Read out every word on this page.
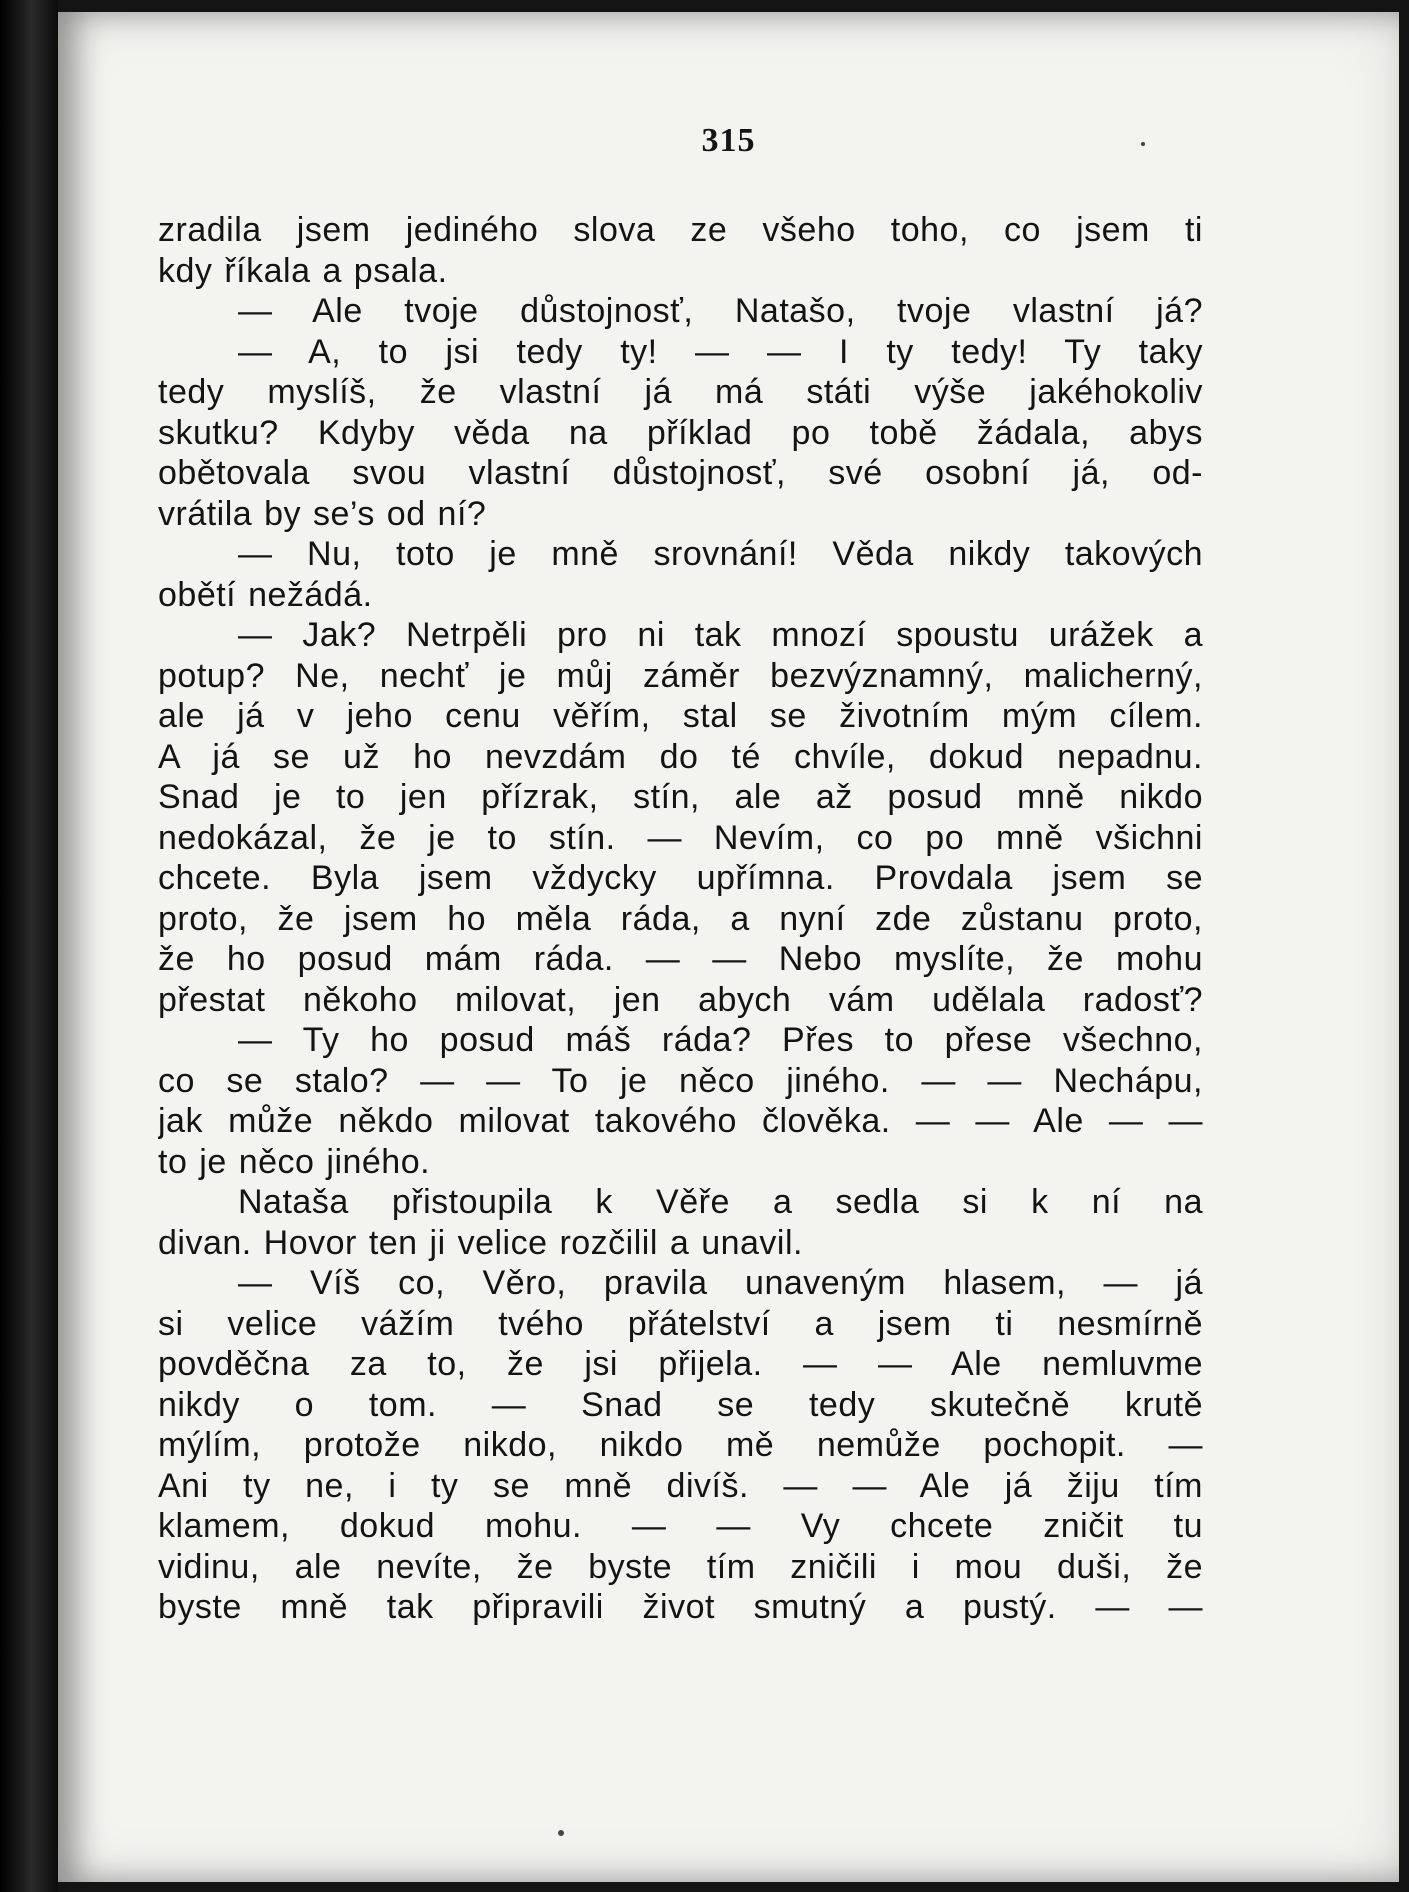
315
zradila jsem jediného slova ze všeho toho, co jsem ti
kdy říkala a psala.
— Ale tvoje důstojnosť, Natašo, tvoje vlastní já?
— A, to jsi tedy ty! — — I ty tedy! Ty taky
tedy myslíš, že vlastní já má státi výše jakéhokoliv
skutku? Kdyby věda na příklad po tobě žádala, abys
obětovala svou vlastní důstojnosť, své osobní já, od-
vrátila by se’s od ní?
— Nu, toto je mně srovnání! Věda nikdy takových
obětí nežádá.
— Jak? Netrpěli pro ni tak mnozí spoustu urážek a
potup? Ne, nechť je můj záměr bezvýznamný, malicherný,
ale já v jeho cenu věřím, stal se životním mým cílem.
A já se už ho nevzdám do té chvíle, dokud nepadnu.
Snad je to jen přízrak, stín, ale až posud mně nikdo
nedokázal, že je to stín. — Nevím, co po mně všichni
chcete. Byla jsem vždycky upřímna. Provdala jsem se
proto, že jsem ho měla ráda, a nyní zde zůstanu proto,
že ho posud mám ráda. — — Nebo myslíte, že mohu
přestat někoho milovat, jen abych vám udělala radosť?
— Ty ho posud máš ráda? Přes to přese všechno,
co se stalo? — — To je něco jiného. — — Nechápu,
jak může někdo milovat takového člověka. — — Ale — —
to je něco jiného.
Nataša přistoupila k Věře a sedla si k ní na
divan. Hovor ten ji velice rozčilil a unavil.
— Víš co, Věro, pravila unaveným hlasem, — já
si velice vážím tvého přátelství a jsem ti nesmírně
povděčna za to, že jsi přijela. — — Ale nemluvme
nikdy o tom. — Snad se tedy skutečně krutě
mýlím, protože nikdo, nikdo mě nemůže pochopit. —
Ani ty ne, i ty se mně divíš. — — Ale já žiju tím
klamem, dokud mohu. — — Vy chcete zničit tu
vidinu, ale nevíte, že byste tím zničili i mou duši, že
byste mně tak připravili život smutný a pustý. — —
